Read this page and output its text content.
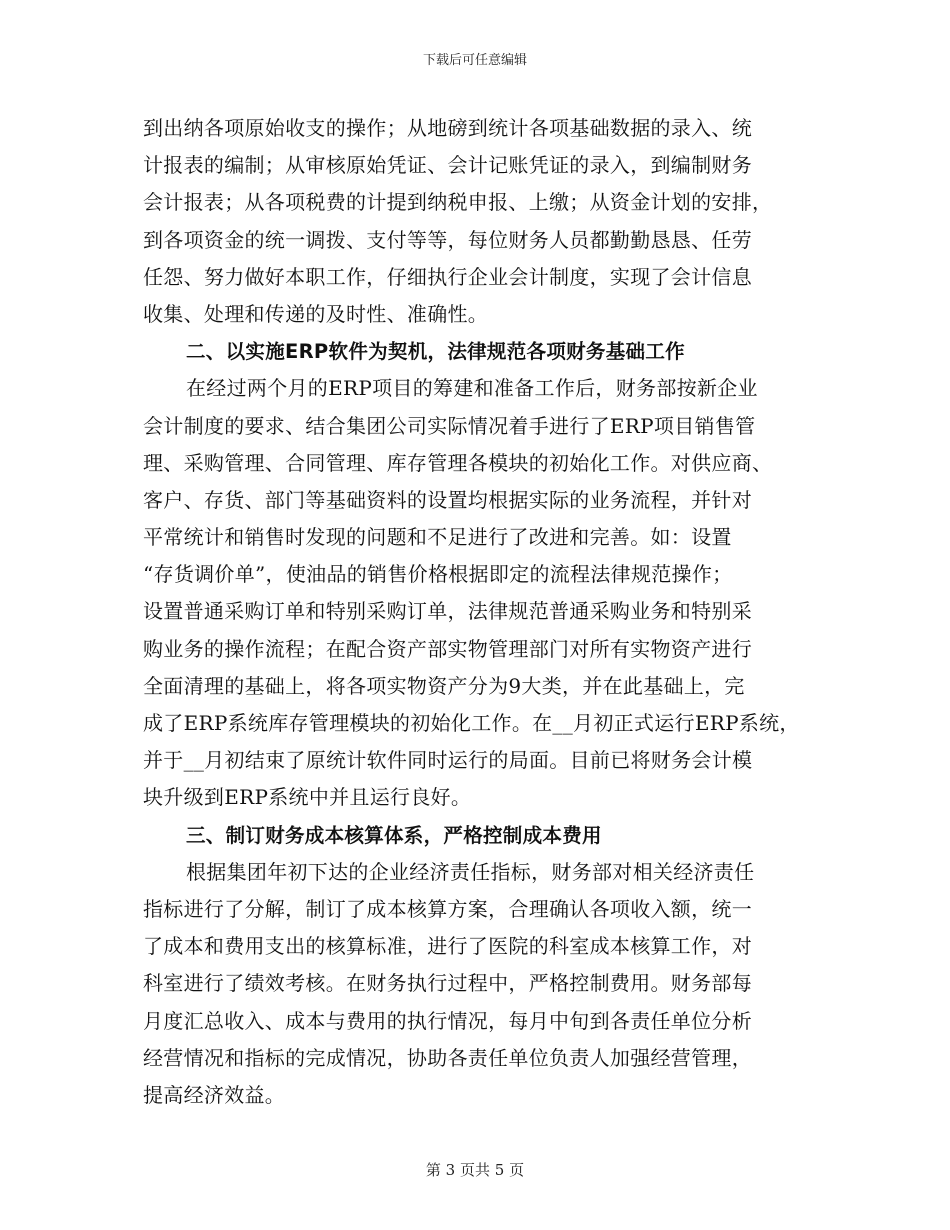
下载后可任意编辑
到出纳各项原始收支的操作；从地磅到统计各项基础数据的录入、统
计报表的编制；从审核原始凭证、会计记账凭证的录入，到编制财务
会计报表；从各项税费的计提到纳税申报、上缴；从资金计划的安排，
到各项资金的统一调拨、支付等等，每位财务人员都勤勤恳恳、任劳
任怨、努力做好本职工作，仔细执行企业会计制度，实现了会计信息
收集、处理和传递的及时性、准确性。
二、以实施ERP软件为契机，法律规范各项财务基础工作
在经过两个月的ERP项目的筹建和准备工作后，财务部按新企业
会计制度的要求、结合集团公司实际情况着手进行了ERP项目销售管
理、采购管理、合同管理、库存管理各模块的初始化工作。对供应商、
客户、存货、部门等基础资料的设置均根据实际的业务流程，并针对
平常统计和销售时发现的问题和不足进行了改进和完善。如：设置
“存货调价单”，使油品的销售价格根据即定的流程法律规范操作；
设置普通采购订单和特别采购订单，法律规范普通采购业务和特别采
购业务的操作流程；在配合资产部实物管理部门对所有实物资产进行
全面清理的基础上，将各项实物资产分为9大类，并在此基础上，完
成了ERP系统库存管理模块的初始化工作。在__月初正式运行ERP系统，
并于__月初结束了原统计软件同时运行的局面。目前已将财务会计模
块升级到ERP系统中并且运行良好。
三、制订财务成本核算体系，严格控制成本费用
根据集团年初下达的企业经济责任指标，财务部对相关经济责任
指标进行了分解，制订了成本核算方案，合理确认各项收入额，统一
了成本和费用支出的核算标准，进行了医院的科室成本核算工作，对
科室进行了绩效考核。在财务执行过程中，严格控制费用。财务部每
月度汇总收入、成本与费用的执行情况，每月中旬到各责任单位分析
经营情况和指标的完成情况，协助各责任单位负责人加强经营管理，
提高经济效益。
第 3 页共 5 页
